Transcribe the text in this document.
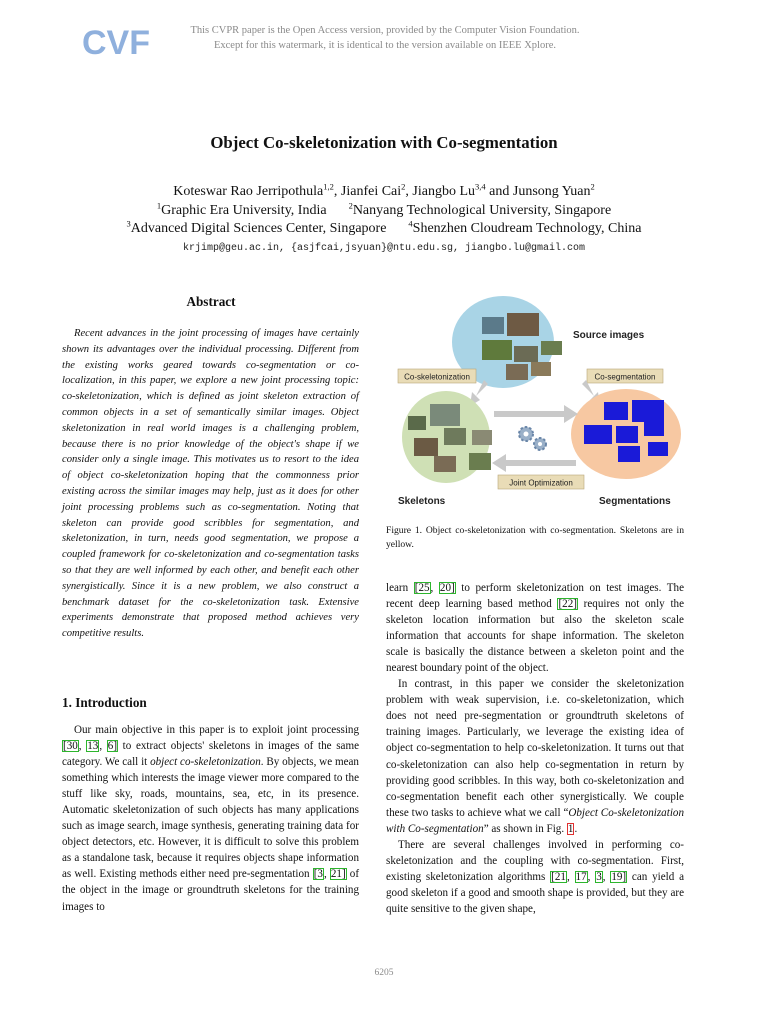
CVF	This CVPR paper is the Open Access version, provided by the Computer Vision Foundation.
Except for this watermark, it is identical to the version available on IEEE Xplore.
Object Co-skeletonization with Co-segmentation
Koteswar Rao Jerripothula$^{1,2}$, Jianfei Cai$^2$, Jiangbo Lu$^{3,4}$ and Junsong Yuan$^2$
$^1$Graphic Era University, India	$^2$Nanyang Technological University, Singapore
$^3$Advanced Digital Sciences Center, Singapore	$^4$Shenzhen Cloudream Technology, China
krjimp@geu.ac.in, {asjfcai,jsyuan}@ntu.edu.sg, jiangbo.lu@gmail.com
Abstract
Recent advances in the joint processing of images have certainly shown its advantages over the individual processing. Different from the existing works geared towards co-segmentation or co-localization, in this paper, we explore a new joint processing topic: co-skeletonization, which is defined as joint skeleton extraction of common objects in a set of semantically similar images. Object skeletonization in real world images is a challenging problem, because there is no prior knowledge of the object's shape if we consider only a single image. This motivates us to resort to the idea of object co-skeletonization hoping that the commonness prior existing across the similar images may help, just as it does for other joint processing problems such as co-segmentation. Noting that skeleton can provide good scribbles for segmentation, and skeletonization, in turn, needs good segmentation, we propose a coupled framework for co-skeletonization and co-segmentation tasks so that they are well informed by each other, and benefit each other synergistically. Since it is a new problem, we also construct a benchmark dataset for the co-skeletonization task. Extensive experiments demonstrate that proposed method achieves very competitive results.
1. Introduction
Our main objective in this paper is to exploit joint processing [30, 13, 6] to extract objects' skeletons in images of the same category. We call it object co-skeletonization. By objects, we mean something which interests the image viewer more compared to the stuff like sky, roads, mountains, sea, etc, in its presence. Automatic skeletonization of such objects has many applications such as image search, image synthesis, generating training data for object detectors, etc. However, it is difficult to solve this problem as a standalone task, because it requires objects shape information as well. Existing methods either need pre-segmentation [3, 21] of the object in the image or groundtruth skeletons for the training images to
Source images
Co-skeletonization	Co-segmentation
Skeletons	Segmentations
Joint Optimization
Figure 1. Object co-skeletonization with co-segmentation. Skeletons are in yellow.

learn [25, 20] to perform skeletonization on test images. The recent deep learning based method [22] requires not only the skeleton location information but also the skeleton scale information that accounts for shape information. The skeleton scale is basically the distance between a skeleton point and the nearest boundary point of the object.

In contrast, in this paper we consider the skeletonization problem with weak supervision, i.e. co-skeletonization, which does not need pre-segmentation or groundtruth skeletons of training images. Particularly, we leverage the existing idea of object co-segmentation to help co-skeletonization. It turns out that co-skeletonization can also help co-segmentation in return by providing good scribbles. In this way, both co-skeletonization and co-segmentation benefit each other synergistically. We couple these two tasks to achieve what we call “Object Co-skeletonization with Co-segmentation” as shown in Fig. 1.

There are several challenges involved in performing co-skeletonization and the coupling with co-segmentation. First, existing skeletonization algorithms [21, 17, 3, 19] can yield a good skeleton if a good and smooth shape is provided, but they are quite sensitive to the given shape,

6205
